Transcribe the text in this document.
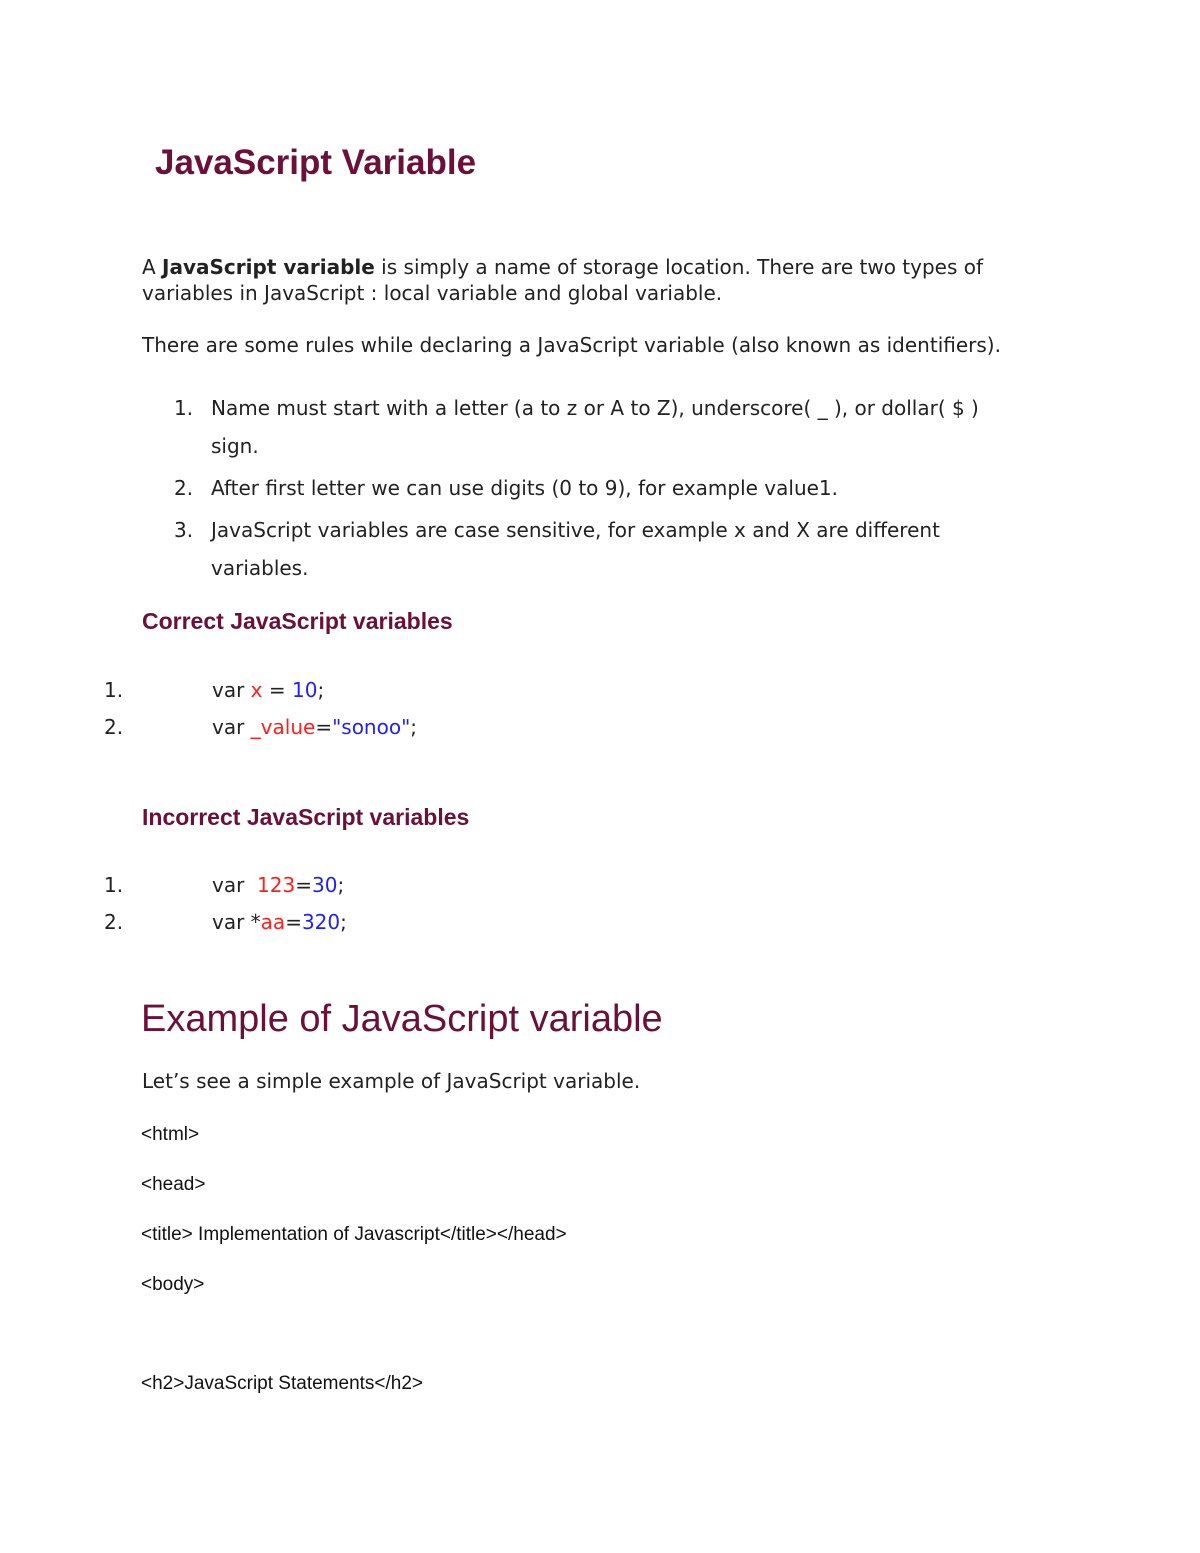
JavaScript Variable
A JavaScript variable is simply a name of storage location. There are two types of
variables in JavaScript : local variable and global variable.
There are some rules while declaring a JavaScript variable (also known as identifiers).
1. Name must start with a letter (a to z or A to Z), underscore( _ ), or dollar( $ )
sign.
2. After first letter we can use digits (0 to 9), for example value1.
3. JavaScript variables are case sensitive, for example x and X are different
variables.
Correct JavaScript variables
1.	var x = 10;
2.	var _value="sonoo";
Incorrect JavaScript variables
1.	var  123=30;
2.	var *aa=320;
Example of JavaScript variable
Let’s see a simple example of JavaScript variable.
<html>
<head>
<title> Implementation of Javascript</title></head>
<body>
<h2>JavaScript Statements</h2>
